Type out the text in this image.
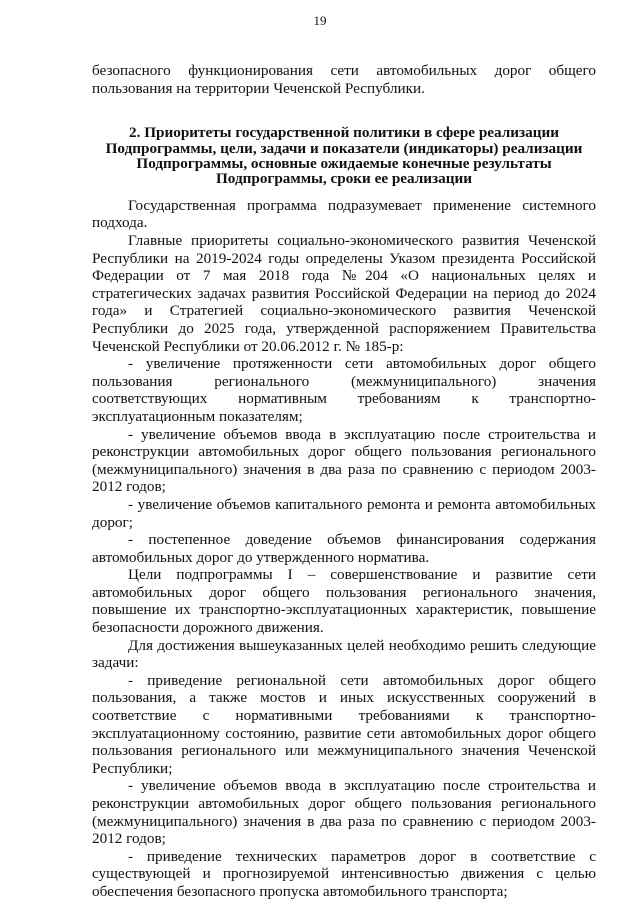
19

безопасного функционирования сети автомобильных дорог общего пользования на территории Чеченской Республики.

2. Приоритеты государственной политики в сфере реализации Подпрограммы, цели, задачи и показатели (индикаторы) реализации Подпрограммы, основные ожидаемые конечные результаты Подпрограммы, сроки ее реализации

Государственная программа подразумевает применение системного подхода.

Главные приоритеты социально-экономического развития Чеченской Республики на 2019-2024 годы определены Указом президента Российской Федерации от 7 мая 2018 года №204 «О национальных целях и стратегических задачах развития Российской Федерации на период до 2024 года» и Стратегией социально-экономического развития Чеченской Республики до 2025 года, утвержденной распоряжением Правительства Чеченской Республики от 20.06.2012 г. № 185-р:

- увеличение протяженности сети автомобильных дорог общего пользования регионального (межмуниципального) значения соответствующих нормативным требованиям к транспортно-эксплуатационным показателям;

- увеличение объемов ввода в эксплуатацию после строительства и реконструкции автомобильных дорог общего пользования регионального (межмуниципального) значения в два раза по сравнению с периодом 2003-2012 годов;

- увеличение объемов капитального ремонта и ремонта автомобильных дорог;

- постепенное доведение объемов финансирования содержания автомобильных дорог до утвержденного норматива.

Цели подпрограммы I – совершенствование и развитие сети автомобильных дорог общего пользования регионального значения, повышение их транспортно-эксплуатационных характеристик, повышение безопасности дорожного движения.

Для достижения вышеуказанных целей необходимо решить следующие задачи:

- приведение региональной сети автомобильных дорог общего пользования, а также мостов и иных искусственных сооружений в соответствие с нормативными требованиями к транспортно-эксплуатационному состоянию, развитие сети автомобильных дорог общего пользования регионального или межмуниципального значения Чеченской Республики;

- увеличение объемов ввода в эксплуатацию после строительства и реконструкции автомобильных дорог общего пользования регионального (межмуниципального) значения в два раза по сравнению с периодом 2003-2012 годов;

- приведение технических параметров дорог в соответствие с существующей и прогнозируемой интенсивностью движения с целью обеспечения безопасного пропуска автомобильного транспорта;
